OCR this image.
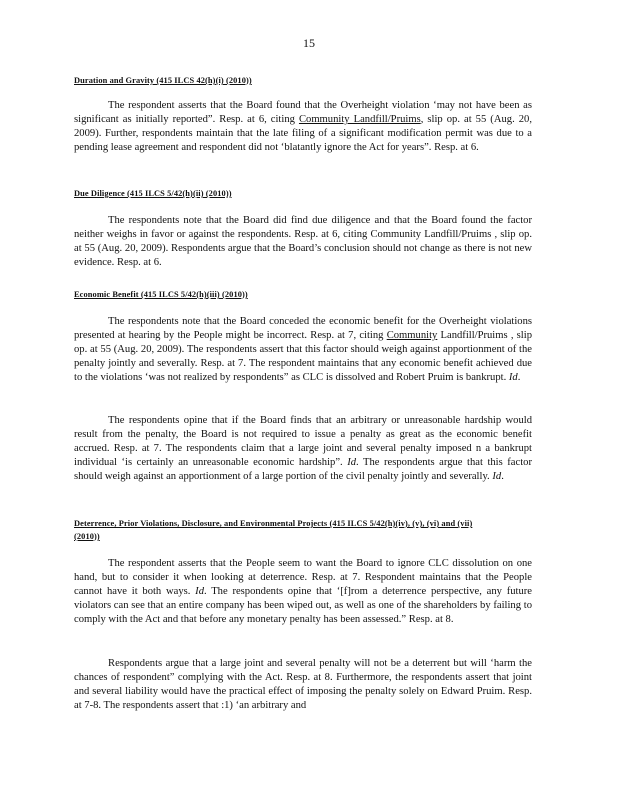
15
Duration and Gravity (415 ILCS 42(h)(i) (2010))

The respondent asserts that the Board found that the Overheight violation ‘may not have been as significant as initially reported”. Resp. at 6, citing Community Landfill/Pruims, slip op. at 55 (Aug. 20, 2009). Further, respondents maintain that the late filing of a significant modification permit was due to a pending lease agreement and respondent did not ‘blatantly ignore the Act for years”. Resp. at 6.

Due Diligence (415 ILCS 5/42(h)(ii) (2010))

The respondents note that the Board did find due diligence and that the Board found the factor neither weighs in favor or against the respondents. Resp. at 6, citing Community Landfill/Pruims , slip op. at 55 (Aug. 20, 2009). Respondents argue that the Board’s conclusion should not change as there is not new evidence. Resp. at 6.

Economic Benefit (415 ILCS 5/42(h)(iii) (2010))

The respondents note that the Board conceded the economic benefit for the Overheight violations presented at hearing by the People might be incorrect. Resp. at 7, citing Community Landfill/Pruims , slip op. at 55 (Aug. 20, 2009). The respondents assert that this factor should weigh against apportionment of the penalty jointly and severally. Resp. at 7. The respondent maintains that any economic benefit achieved due to the violations ‘was not realized by respondents” as CLC is dissolved and Robert Pruim is bankrupt. Id.

The respondents opine that if the Board finds that an arbitrary or unreasonable hardship would result from the penalty, the Board is not required to issue a penalty as great as the economic benefit accrued. Resp. at 7. The respondents claim that a large joint and several penalty imposed n a bankrupt individual ‘is certainly an unreasonable economic hardship”. Id. The respondents argue that this factor should weigh against an apportionment of a large portion of the civil penalty jointly and severally. Id.

Deterrence, Prior Violations, Disclosure, and Environmental Projects (415 ILCS 5/42(h)(iv), (v), (vi) and (vii) (2010))

The respondent asserts that the People seem to want the Board to ignore CLC dissolution on one hand, but to consider it when looking at deterrence. Resp. at 7. Respondent maintains that the People cannot have it both ways. Id. The respondents opine that ‘[f]rom a deterrence perspective, any future violators can see that an entire company has been wiped out, as well as one of the shareholders by failing to comply with the Act and that before any monetary penalty has been assessed.” Resp. at 8.

Respondents argue that a large joint and several penalty will not be a deterrent but will ‘harm the chances of respondent” complying with the Act. Resp. at 8. Furthermore, the respondents assert that joint and several liability would have the practical effect of imposing the penalty solely on Edward Pruim. Resp. at 7-8. The respondents assert that :1) ‘an arbitrary and
